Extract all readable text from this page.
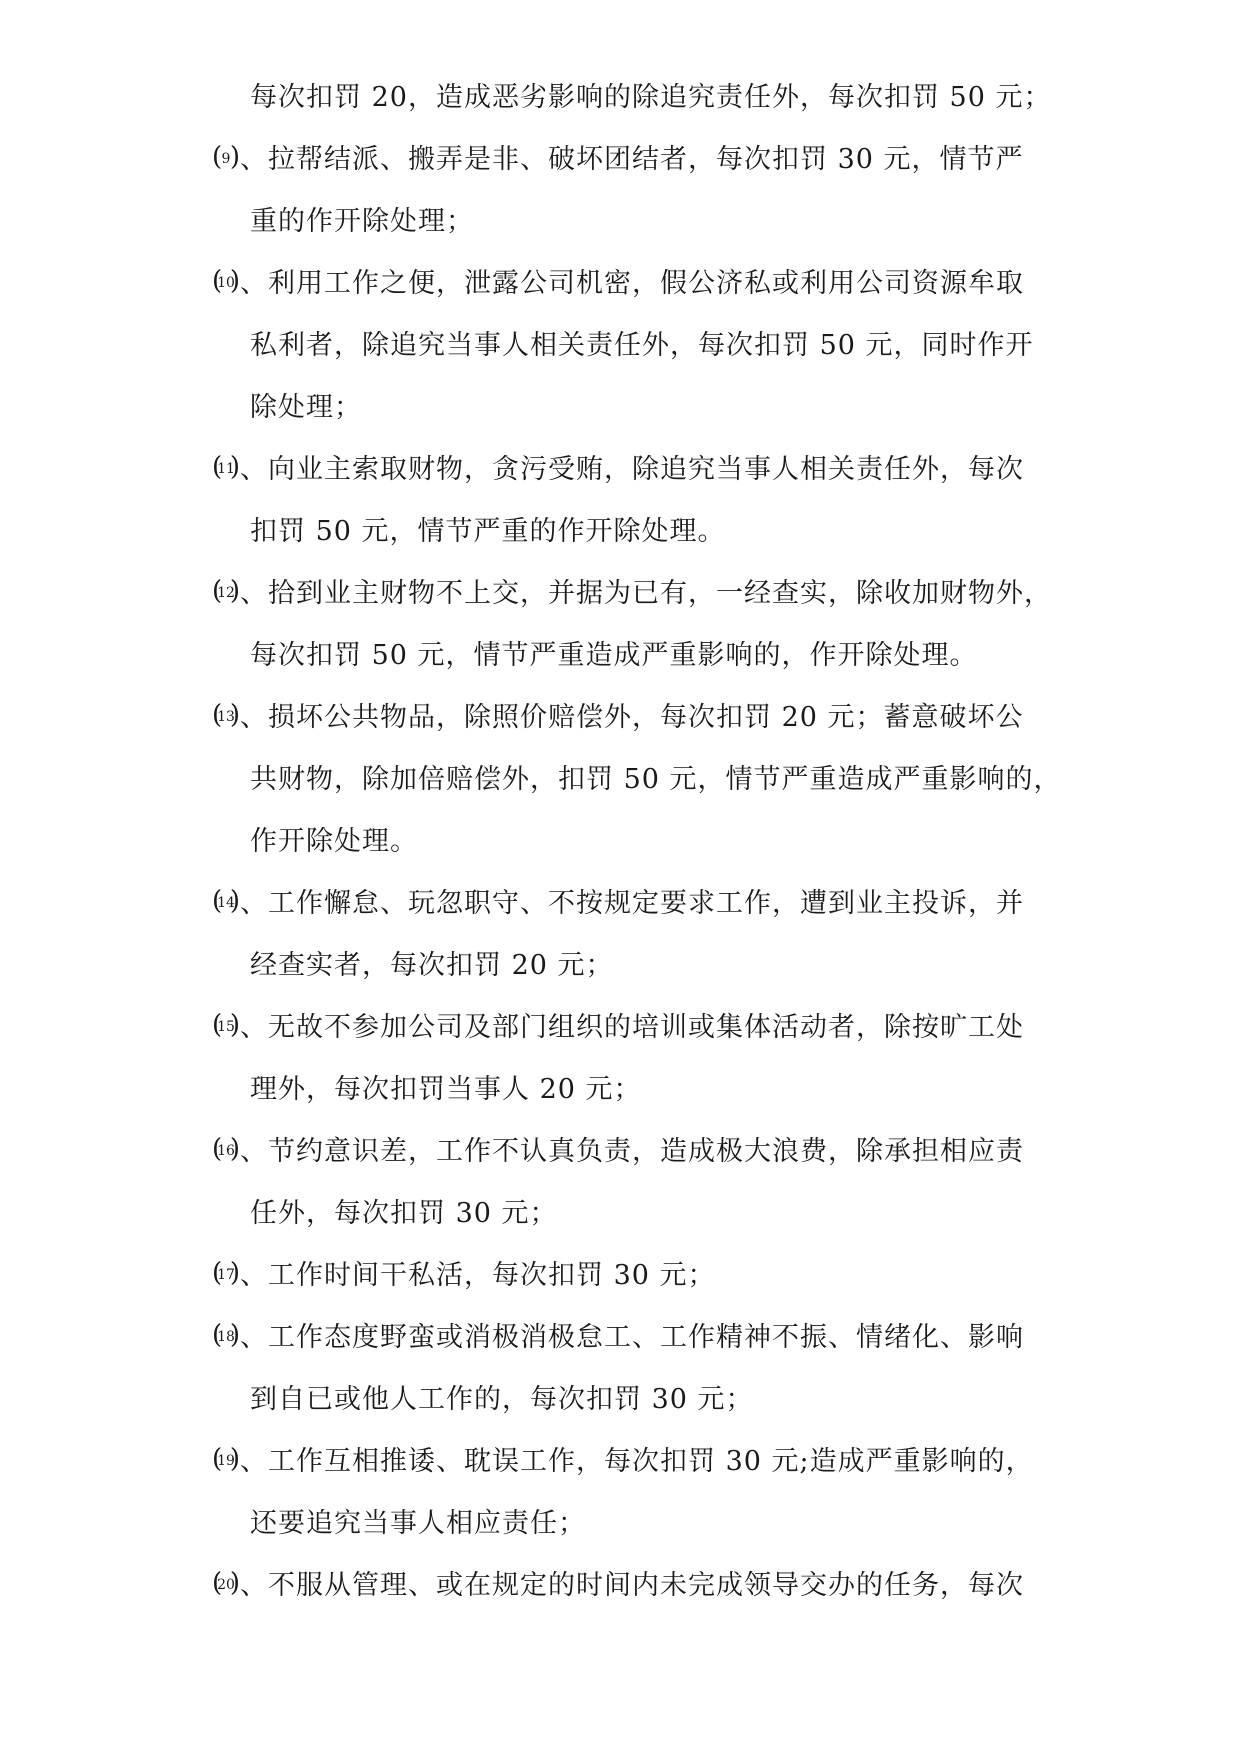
每次扣罚 20，造成恶劣影响的除追究责任外，每次扣罚 50 元；
( 9 ) 、拉帮结派、搬弄是非、破坏团结者，每次扣罚 30 元，情节严
重的作开除处理；
( 10 ) 、利用工作之便，泄露公司机密，假公济私或利用公司资源牟取
私利者，除追究当事人相关责任外，每次扣罚 50 元，同时作开
除处理；
( 11 ) 、向业主索取财物，贪污受贿，除追究当事人相关责任外，每次
扣罚 50 元，情节严重的作开除处理。
( 12 ) 、拾到业主财物不上交，并据为已有，一经查实，除收加财物外，
每次扣罚 50 元，情节严重造成严重影响的，作开除处理。
( 13 ) 、损坏公共物品，除照价赔偿外，每次扣罚 20 元；蓄意破坏公
共财物，除加倍赔偿外，扣罚 50 元，情节严重造成严重影响的，
作开除处理。
( 14 ) 、工作懈怠、玩忽职守、不按规定要求工作，遭到业主投诉，并
经查实者，每次扣罚 20 元；
( 15 ) 、无故不参加公司及部门组织的培训或集体活动者，除按旷工处
理外，每次扣罚当事人 20 元；
( 16 ) 、节约意识差，工作不认真负责，造成极大浪费，除承担相应责
任外，每次扣罚 30 元；
( 17 ) 、工作时间干私活，每次扣罚 30 元；
( 18 ) 、工作态度野蛮或消极消极怠工、工作精神不振、情绪化、影响
到自已或他人工作的，每次扣罚 30 元；
( 19 ) 、工作互相推诿、耽误工作，每次扣罚 30 元;造成严重影响的，
还要追究当事人相应责任；
( 20 ) 、不服从管理、或在规定的时间内未完成领导交办的任务，每次
